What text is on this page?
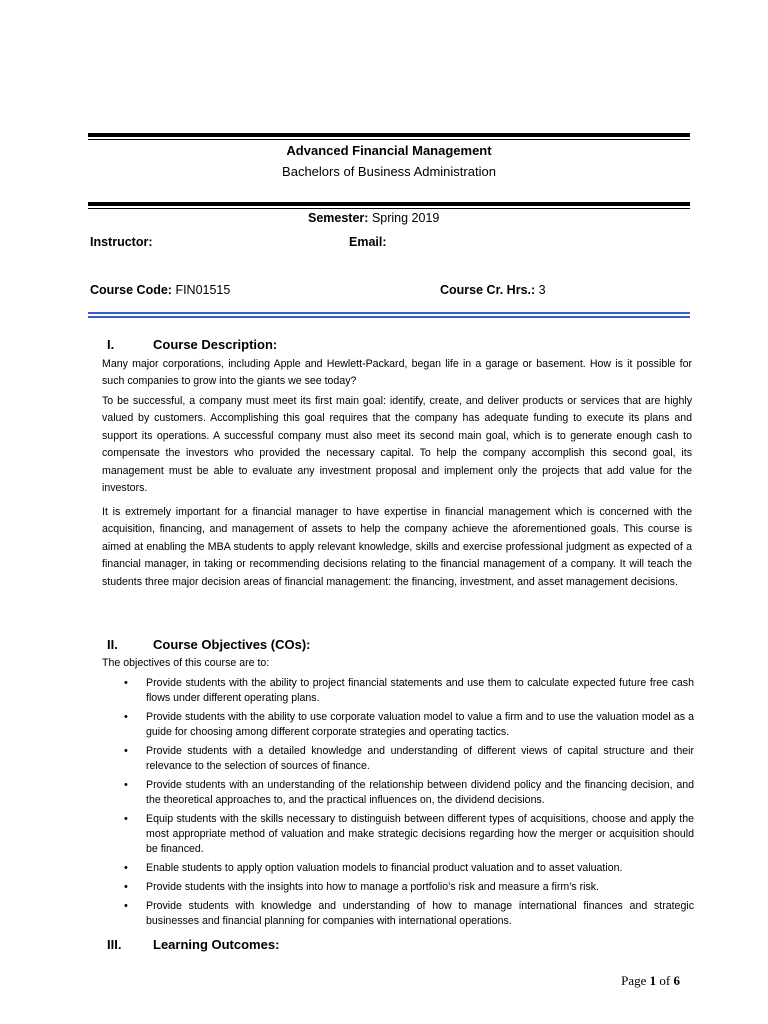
Advanced Financial Management
Bachelors of Business Administration
Semester: Spring 2019
Instructor:	Email:
Course Code: FIN01515	Course Cr. Hrs.: 3
I.	Course Description:

Many major corporations, including Apple and Hewlett-Packard, began life in a garage or basement. How is it possible for such companies to grow into the giants we see today?

To be successful, a company must meet its first main goal: identify, create, and deliver products or services that are highly valued by customers. Accomplishing this goal requires that the company has adequate funding to execute its plans and support its operations. A successful company must also meet its second main goal, which is to generate enough cash to compensate the investors who provided the necessary capital. To help the company accomplish this second goal, its management must be able to evaluate any investment proposal and implement only the projects that add value for the investors.

It is extremely important for a financial manager to have expertise in financial management which is concerned with the acquisition, financing, and management of assets to help the company achieve the aforementioned goals. This course is aimed at enabling the MBA students to apply relevant knowledge, skills and exercise professional judgment as expected of a financial manager, in taking or recommending decisions relating to the financial management of a company. It will teach the students three major decision areas of financial management: the financing, investment, and asset management decisions.

II.	Course Objectives (COs):

The objectives of this course are to:

• Provide students with the ability to project financial statements and use them to calculate expected future free cash flows under different operating plans.
• Provide students with the ability to use corporate valuation model to value a firm and to use the valuation model as a guide for choosing among different corporate strategies and operating tactics.
• Provide students with a detailed knowledge and understanding of different views of capital structure and their relevance to the selection of sources of finance.
• Provide students with an understanding of the relationship between dividend policy and the financing decision, and the theoretical approaches to, and the practical influences on, the dividend decisions.
• Equip students with the skills necessary to distinguish between different types of acquisitions, choose and apply the most appropriate method of valuation and make strategic decisions regarding how the merger or acquisition should be financed.
• Enable students to apply option valuation models to financial product valuation and to asset valuation.
• Provide students with the insights into how to manage a portfolio’s risk and measure a firm’s risk.
• Provide students with knowledge and understanding of how to manage international finances and strategic businesses and financial planning for companies with international operations.
III. Learning Outcomes:
Page 1 of 6
